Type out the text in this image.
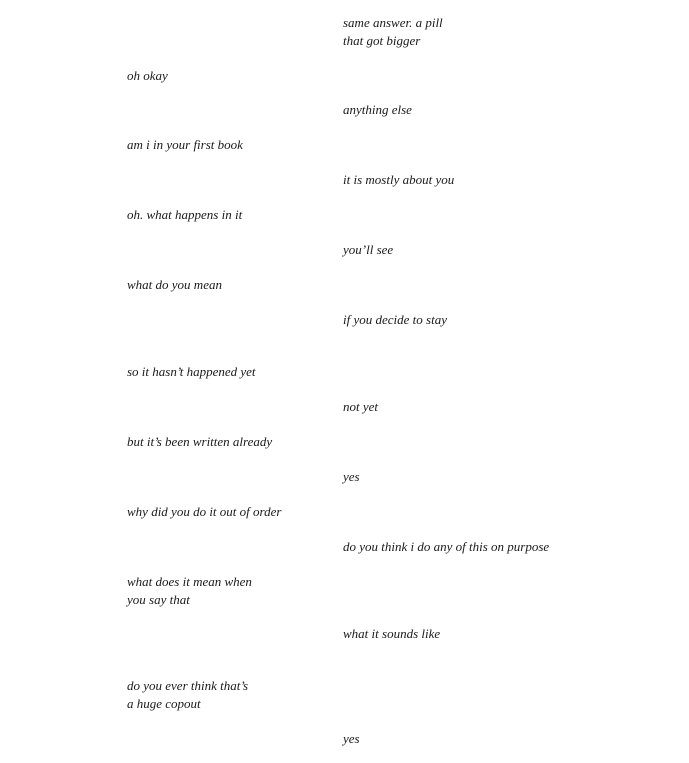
same answer. a pill
that got bigger

oh okay

anything else

am i in your first book

it is mostly about you

oh. what happens in it

you’ll see

what do you mean

if you decide to stay

so it hasn’t happened yet

not yet

but it’s been written already

yes

why did you do it out of order

do you think i do any of this on purpose

what does it mean when
you say that

what it sounds like

do you ever think that’s
a huge copout

yes
